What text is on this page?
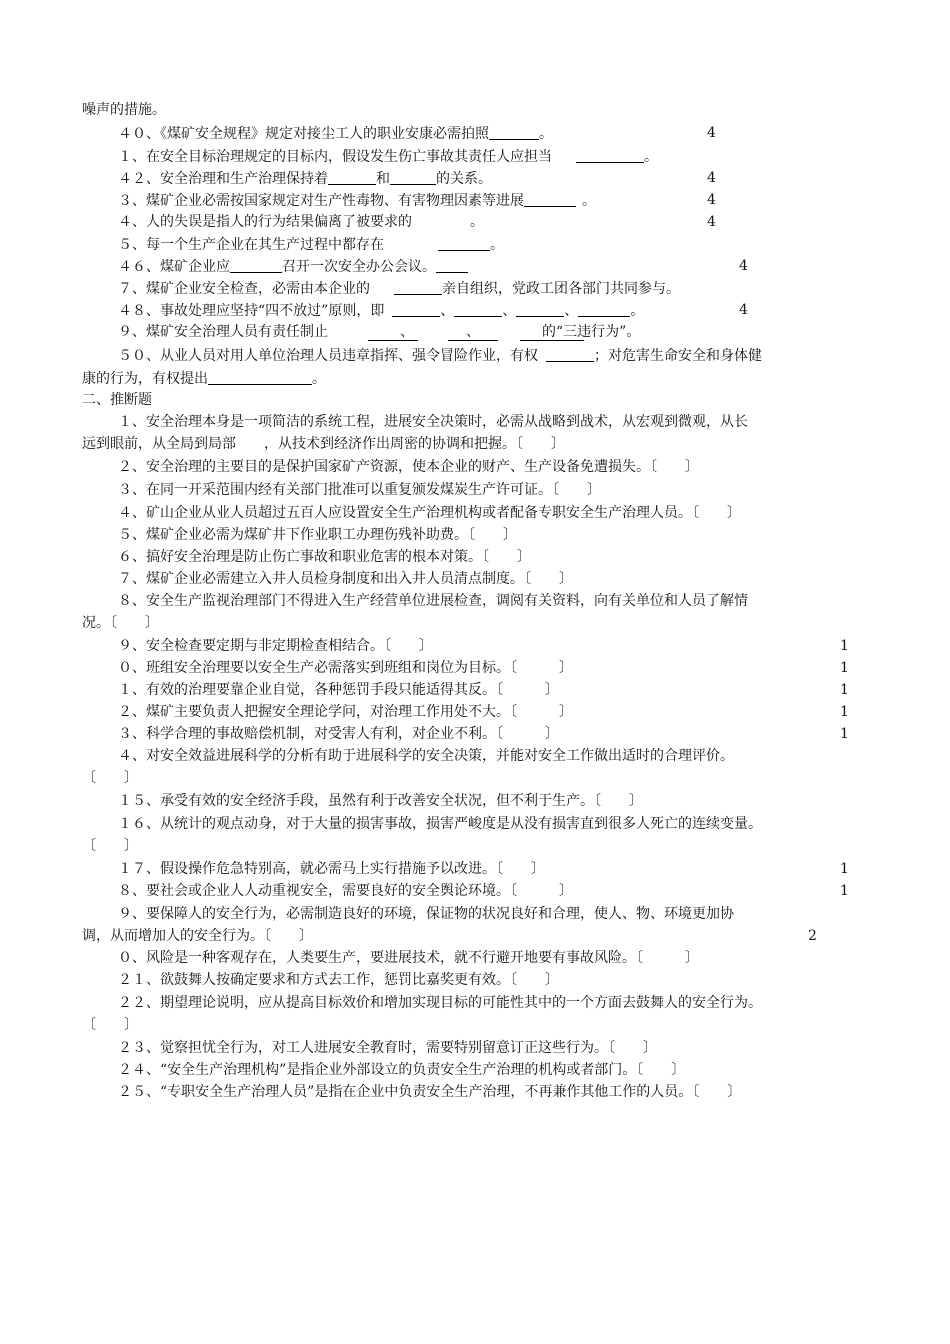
噪声的措施。
４０、《煤矿安全规程》规定对接尘工人的职业安康必需拍照	。	4
１、在安全目标治理规定的目标内，假设发生伤亡事故其责任人应担当	。
４２、安全治理和生产治理保持着	和	的关系。	4
３、煤矿企业必需按国家规定对生产性毒物、有害物理因素等进展	。	4
４、人的失误是指人的行为结果偏离了被要求的	。	4
５、每一个生产企业在其生产过程中都存在	。
４６、煤矿企业应	召开一次安全办公会议。	4
７、煤矿企业安全检查，必需由本企业的	亲自组织，党政工团各部门共同参与。
４８、事故处理应坚持“四不放过”原则，即	、	、	、	。	4
９、煤矿安全治理人员有责任制止	、	、	的“三违行为”。
５０、从业人员对用人单位治理人员违章指挥、强令冒险作业，有权	；对危害生命安全和身体健
康的行为，有权提出	。
二、推断题
１、安全治理本身是一项简洁的系统工程，进展安全决策时，必需从战略到战术，从宏观到微观，从长
远到眼前，从全局到局部　　，从技术到经济作出周密的协调和把握。〔　　〕
２、安全治理的主要目的是保护国家矿产资源，使本企业的财产、生产设备免遭损失。〔　　〕
３、在同一开采范围内经有关部门批准可以重复颁发煤炭生产许可证。〔　　〕
４、矿山企业从业人员超过五百人应设置安全生产治理机构或者配备专职安全生产治理人员。〔　　〕
５、煤矿企业必需为煤矿井下作业职工办理伤残补助费。〔　　〕
６、搞好安全治理是防止伤亡事故和职业危害的根本对策。〔　　〕
７、煤矿企业必需建立入井人员检身制度和出入井人员清点制度。〔　　〕
８、安全生产监视治理部门不得进入生产经营单位进展检查，调阅有关资料，向有关单位和人员了解情
况。〔　　〕
９、安全检查要定期与非定期检查相结合。〔　　〕	1
０、班组安全治理要以安全生产必需落实到班组和岗位为目标。〔　　　〕	1
１、有效的治理要靠企业自觉，各种惩罚手段只能适得其反。〔　　　〕	1
２、煤矿主要负责人把握安全理论学问，对治理工作用处不大。〔　　　〕	1
３、科学合理的事故赔偿机制，对受害人有利，对企业不利。〔　　　〕	1
４、对安全效益进展科学的分析有助于进展科学的安全决策，并能对安全工作做出适时的合理评价。
〔　　〕
１５、承受有效的安全经济手段，虽然有利于改善安全状况，但不利于生产。〔　　〕
１６、从统计的观点动身，对于大量的损害事故，损害严峻度是从没有损害直到很多人死亡的连续变量。
〔　　〕
１７、假设操作危急特别高，就必需马上实行措施予以改进。〔　　〕	1
８、要社会或企业人人动重视安全，需要良好的安全舆论环境。〔　　　〕	1
９、要保障人的安全行为，必需制造良好的环境，保证物的状况良好和合理，使人、物、环境更加协
调，从而增加人的安全行为。〔　　〕	2
０、风险是一种客观存在，人类要生产，要进展技术，就不行避开地要有事故风险。〔　　　〕
２１、欲鼓舞人按确定要求和方式去工作，惩罚比嘉奖更有效。〔　　〕
２２、期望理论说明，应从提高目标效价和增加实现目标的可能性其中的一个方面去鼓舞人的安全行为。
〔　　〕
２３、觉察担忧全行为，对工人进展安全教育时，需要特别留意订正这些行为。〔　　〕
２４、“安全生产治理机构”是指企业外部设立的负责安全生产治理的机构或者部门。〔　　〕
２５、“专职安全生产治理人员”是指在企业中负责安全生产治理，不再兼作其他工作的人员。〔　　〕
